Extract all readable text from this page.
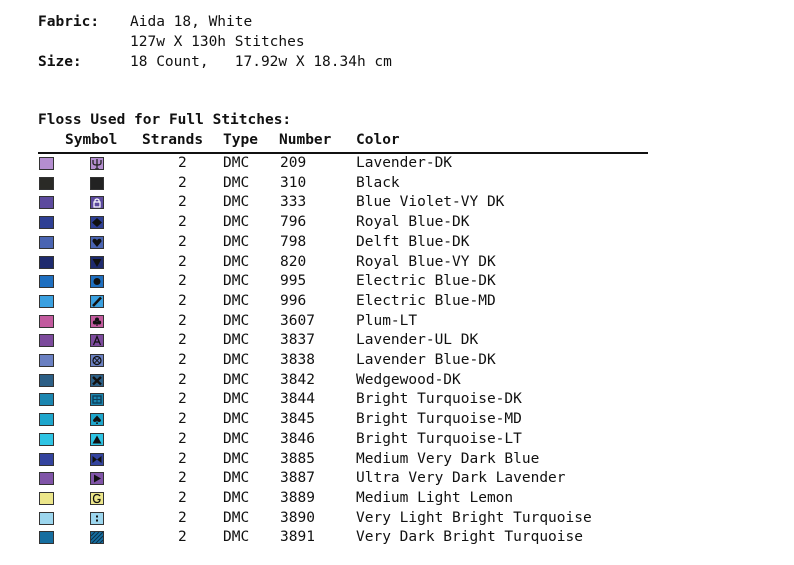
Fabric: Aida 18, White
127w X 130h Stitches
Size:	18 Count,   17.92w X 18.34h cm
Floss Used for Full Stitches:
Symbol Strands Type Number Color
2	DMC 209	Lavender-DK
2	DMC 310	Black
2	DMC 333	Blue Violet-VY DK
2	DMC 796	Royal Blue-DK
2	DMC 798	Delft Blue-DK
2	DMC 820	Royal Blue-VY DK
2	DMC 995	Electric Blue-DK
2	DMC 996	Electric Blue-MD
2	DMC 3607	Plum-LT
2	DMC 3837	Lavender-UL DK
2	DMC 3838	Lavender Blue-DK
2	DMC 3842	Wedgewood-DK
2	DMC 3844	Bright Turquoise-DK
2	DMC 3845	Bright Turquoise-MD
2	DMC 3846	Bright Turquoise-LT
2	DMC 3885	Medium Very Dark Blue
2	DMC 3887	Ultra Very Dark Lavender
2	DMC 3889	Medium Light Lemon
2	DMC 3890	Very Light Bright Turquoise
2	DMC 3891	Very Dark Bright Turquoise
